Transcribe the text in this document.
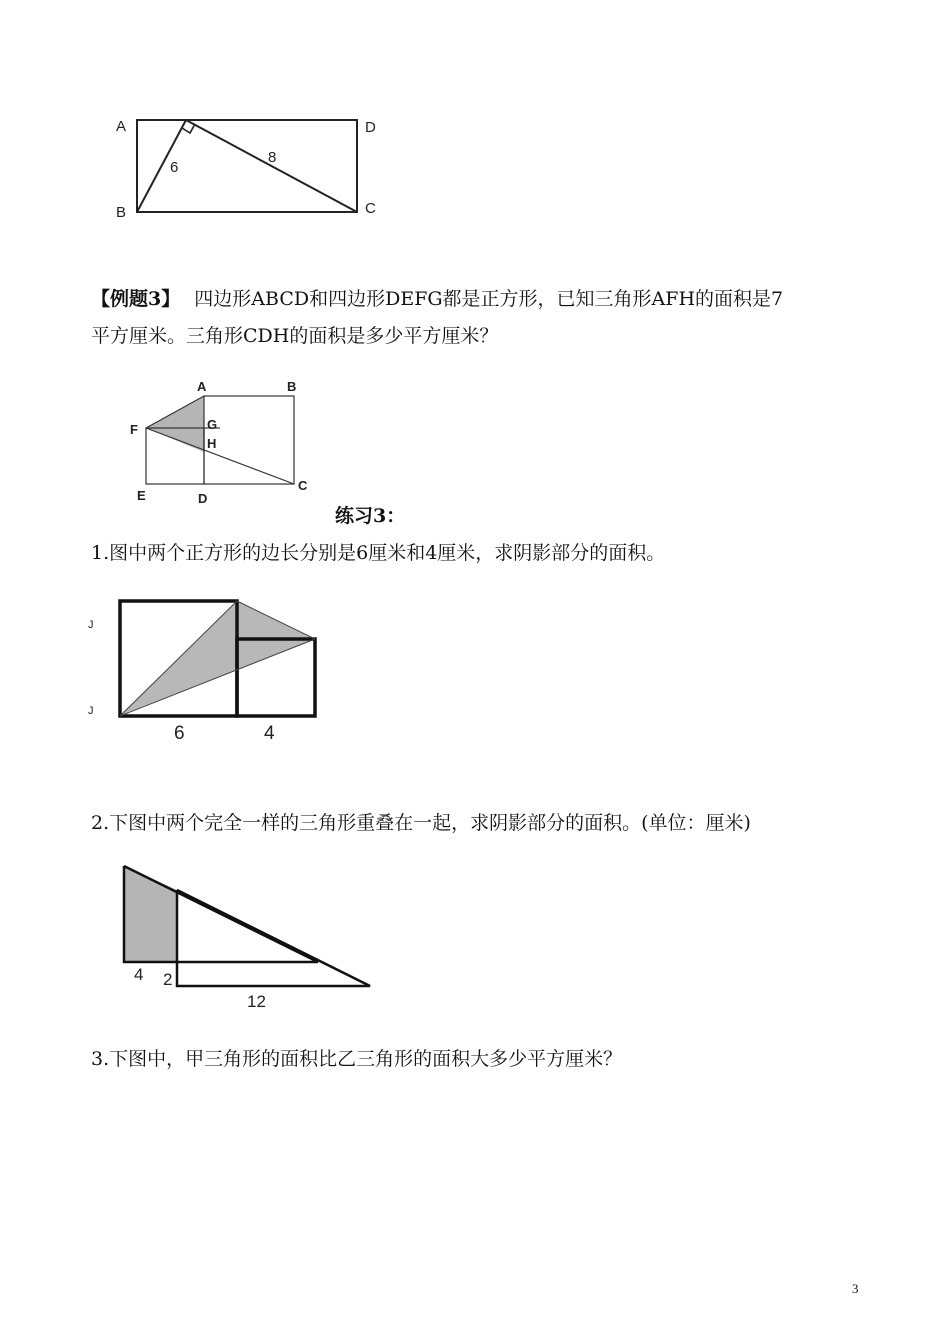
A
B	C
D
6
8
【例题3】 四边形ABCD和四边形DEFG都是正方形，已知三角形AFH的面积是7
平方厘米。三角形CDH的面积是多少平方厘米？
A	B
C
D
E
F	G
H
练习3：
1.图中两个正方形的边长分别是6厘米和4厘米，求阴影部分的面积。
J
J
6	4
2.下图中两个完全一样的三角形重叠在一起，求阴影部分的面积。(单位：厘米)
4 2
12
3.下图中，甲三角形的面积比乙三角形的面积大多少平方厘米？
3
